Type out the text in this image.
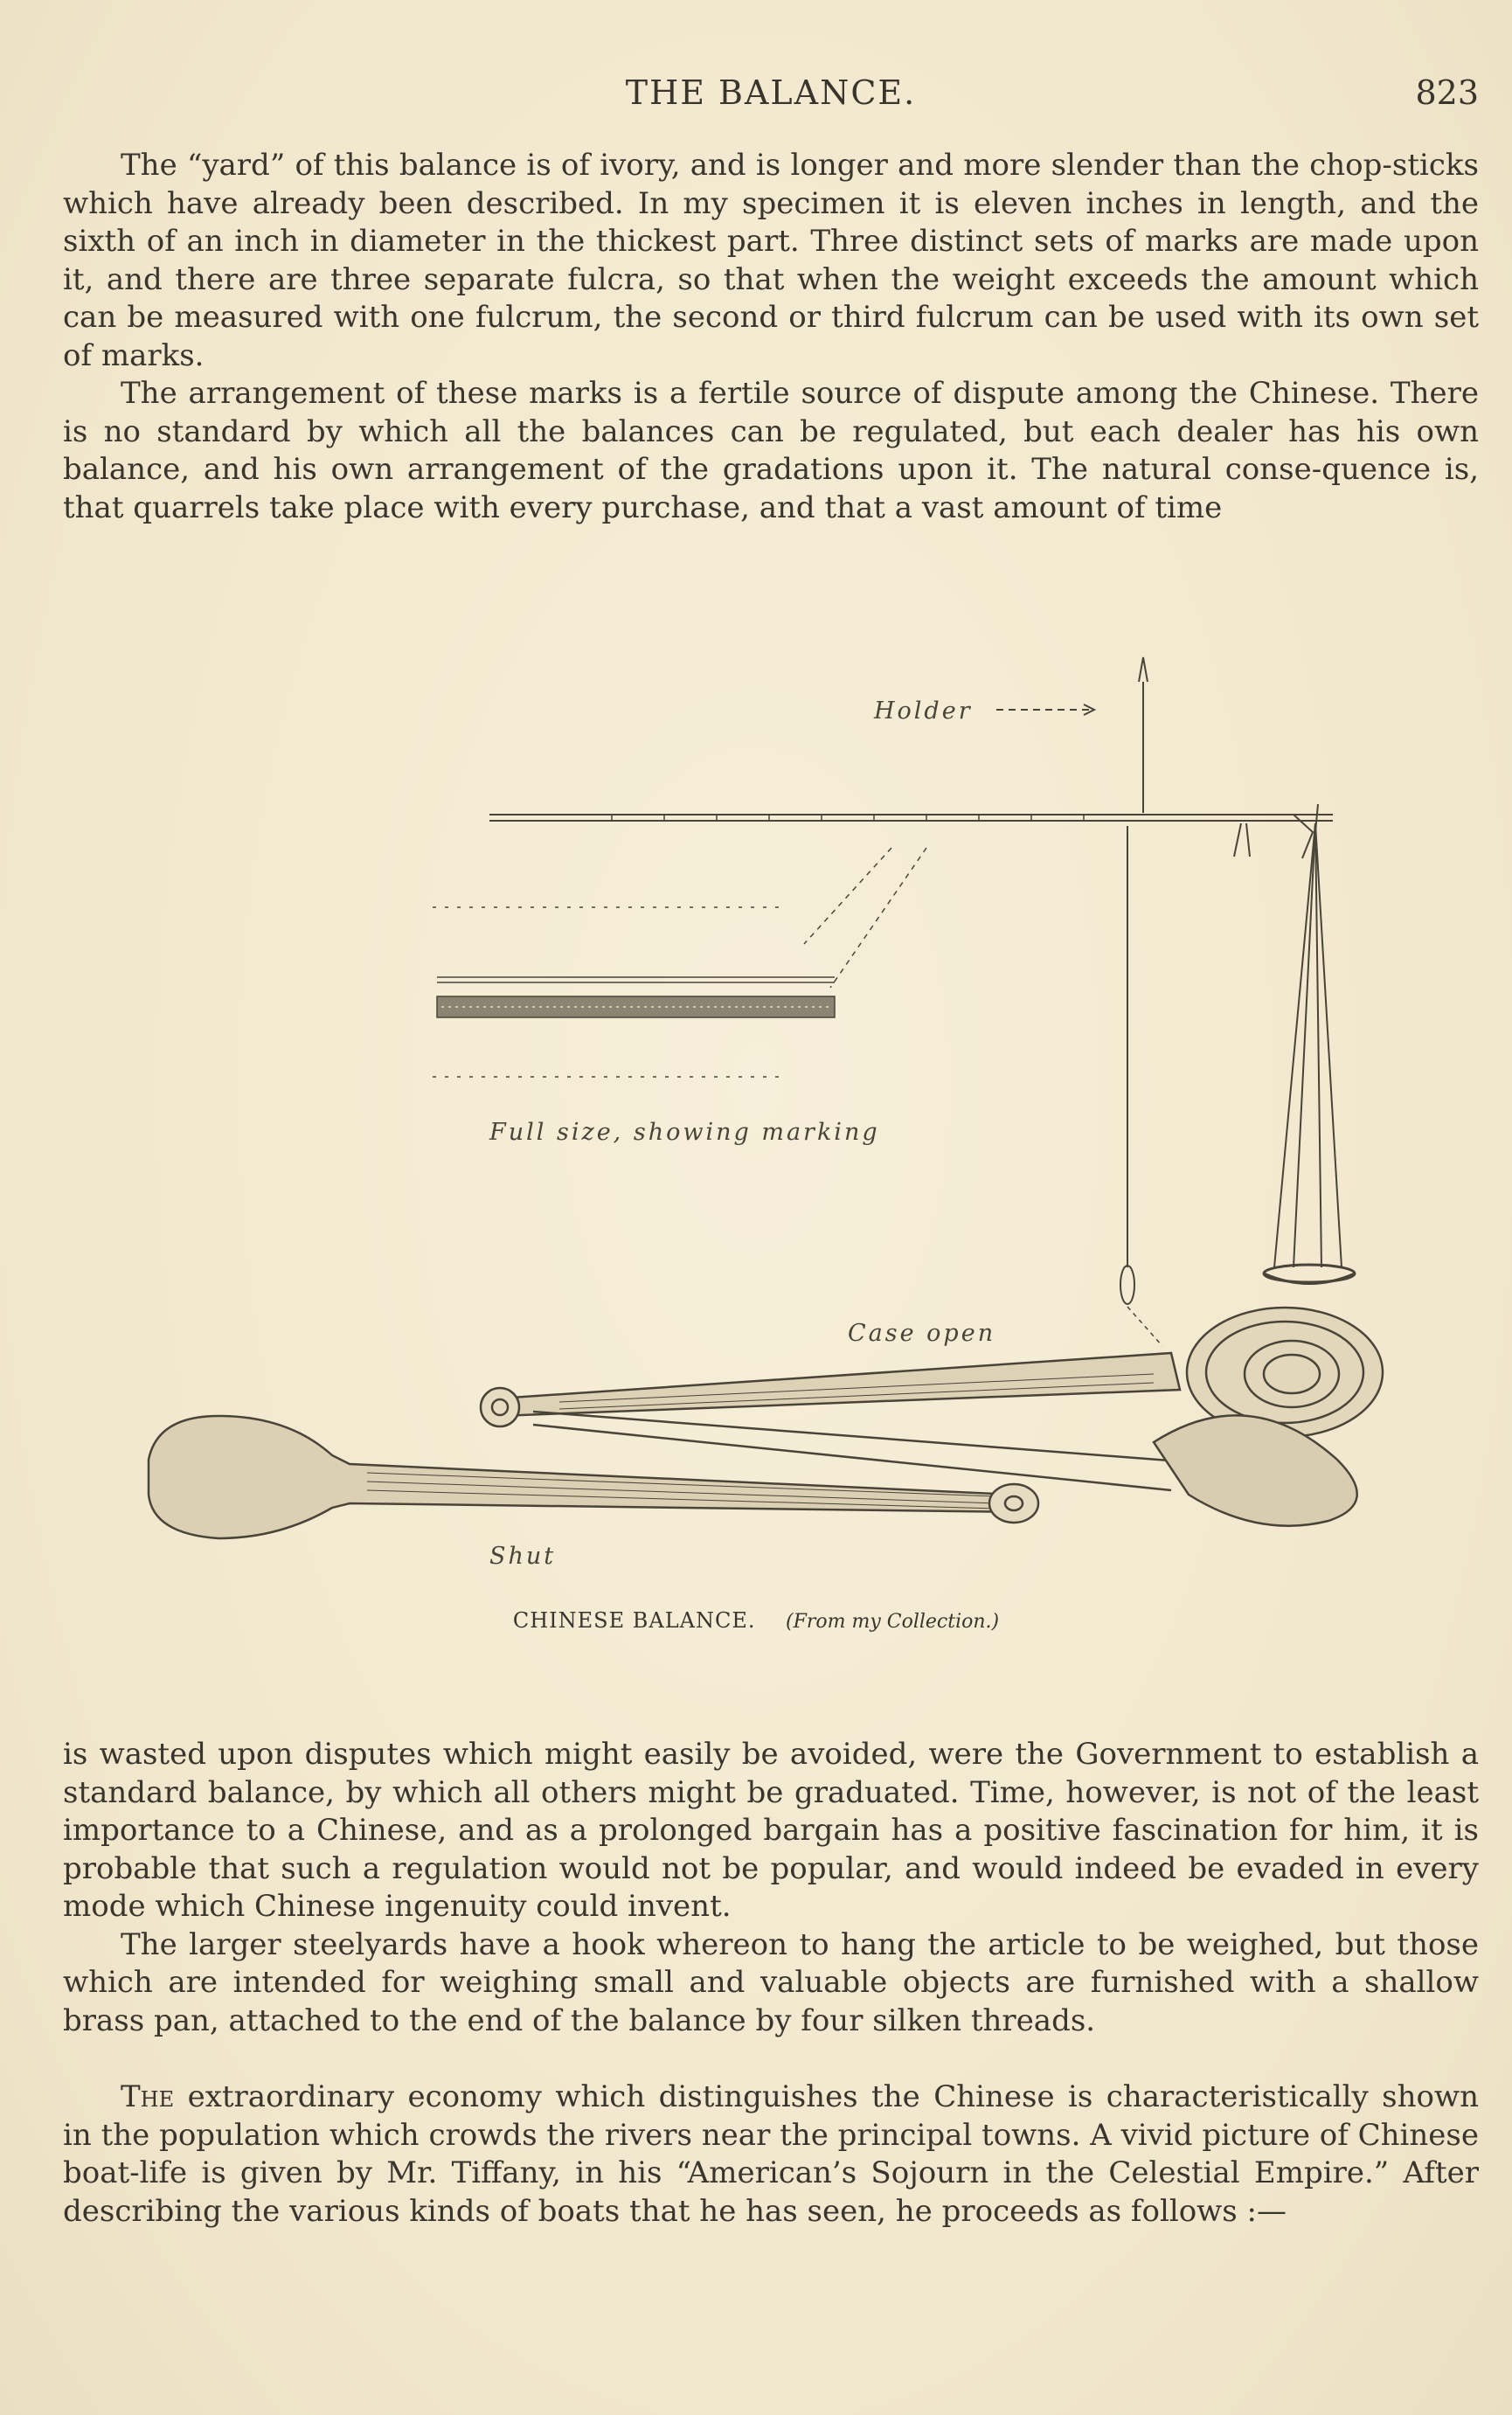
THE BALANCE.	823

The “yard” of this balance is of ivory, and is longer and more slender than the chop-sticks which have already been described. In my specimen it is eleven inches in length, and the sixth of an inch in diameter in the thickest part. Three distinct sets of marks are made upon it, and there are three separate fulcra, so that when the weight exceeds the amount which can be measured with one fulcrum, the second or third fulcrum can be used with its own set of marks.

The arrangement of these marks is a fertile source of dispute among the Chinese. There is no standard by which all the balances can be regulated, but each dealer has his own balance, and his own arrangement of the gradations upon it. The natural conse-quence is, that quarrels take place with every purchase, and that a vast amount of time

Holder
Full size, showing marking
Case open
Shut
CHINESE BALANCE. (From my Collection.)

is wasted upon disputes which might easily be avoided, were the Government to establish a standard balance, by which all others might be graduated. Time, however, is not of the least importance to a Chinese, and as a prolonged bargain has a positive fascination for him, it is probable that such a regulation would not be popular, and would indeed be evaded in every mode which Chinese ingenuity could invent.

The larger steelyards have a hook whereon to hang the article to be weighed, but those which are intended for weighing small and valuable objects are furnished with a shallow brass pan, attached to the end of the balance by four silken threads.

The extraordinary economy which distinguishes the Chinese is characteristically shown in the population which crowds the rivers near the principal towns. A vivid picture of Chinese boat-life is given by Mr. Tiffany, in his “American’s Sojourn in the Celestial Empire.” After describing the various kinds of boats that he has seen, he proceeds as follows :—
